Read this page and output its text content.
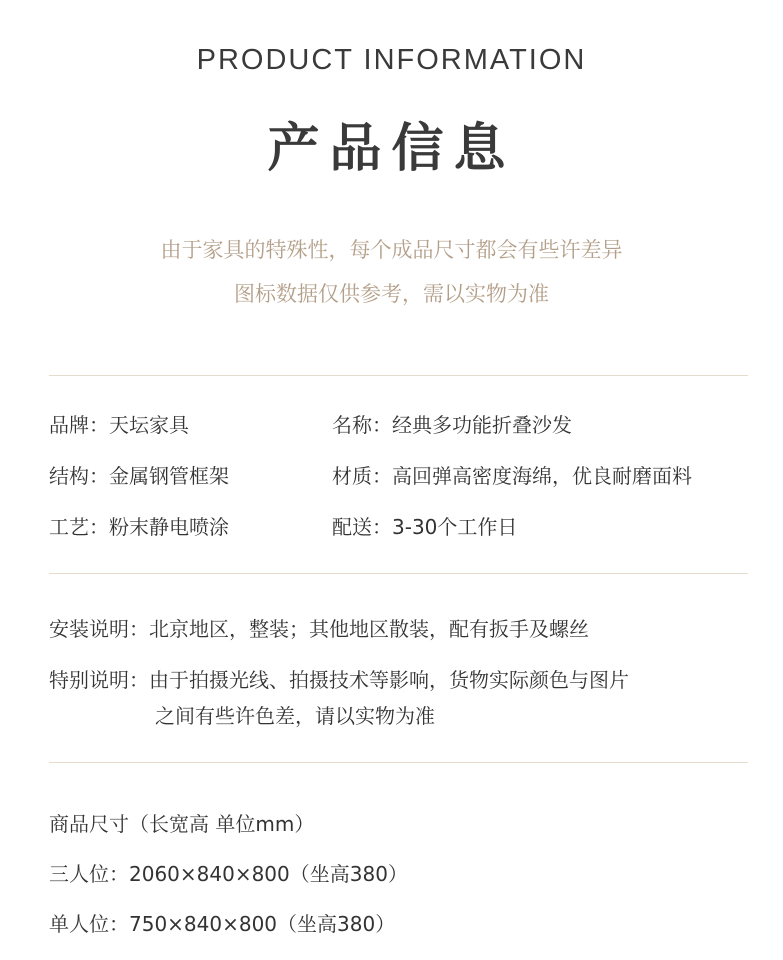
PRODUCT INFORMATION
产品信息
由于家具的特殊性，每个成品尺寸都会有些许差异
图标数据仅供参考，需以实物为准
品牌：天坛家具	名称：经典多功能折叠沙发
结构：金属钢管框架	材质：高回弹高密度海绵，优良耐磨面料
工艺：粉末静电喷涂	配送：3-30个工作日
安装说明：北京地区，整装；其他地区散装，配有扳手及螺丝
特别说明：由于拍摄光线、拍摄技术等影响，货物实际颜色与图片
之间有些许色差，请以实物为准
商品尺寸（长宽高 单位mm）
三人位：2060×840×800（坐高380）
单人位：750×840×800（坐高380）
